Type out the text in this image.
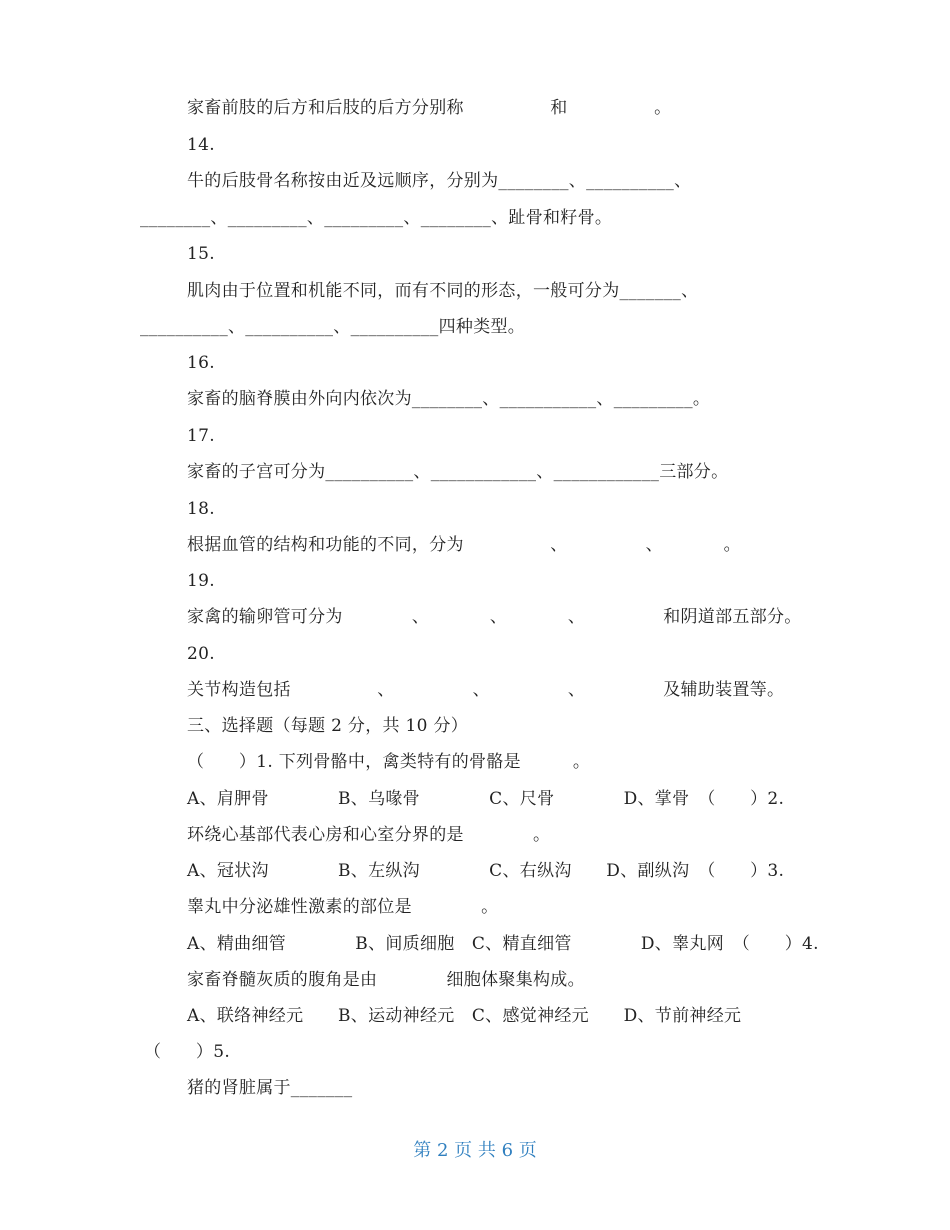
家畜前肢的后方和后肢的后方分别称　　　　　和　　　　　。
14.
牛的后肢骨名称按由近及远顺序，分别为________、__________、
________、_________、_________、________、趾骨和籽骨。
15.
肌肉由于位置和机能不同，而有不同的形态，一般可分为_______、
__________、__________、__________四种类型。
16.
家畜的脑脊膜由外向内依次为________、___________、_________。
17.
家畜的子宫可分为__________、____________、____________三部分。
18.
根据血管的结构和功能的不同，分为　　　　　、　　　　　、　　　　。
19.
家禽的输卵管可分为　　　　、　　　　、　　　　、　　　　　和阴道部五部分。
20.
关节构造包括　　　　　、　　　　　、　　　　　、　　　　　及辅助装置等。
三、选择题（每题 2 分，共 10 分）
（　　）1. 下列骨骼中，禽类特有的骨骼是　　　。
A、肩胛骨　　　　B、乌喙骨　　　　C、尺骨　　　　D、掌骨　（　　）2.
环绕心基部代表心房和心室分界的是　　　　。
A、冠状沟　　　　B、左纵沟　　　　C、右纵沟　　D、副纵沟　（　　）3.
睾丸中分泌雄性激素的部位是　　　　。
A、精曲细管　　　　B、间质细胞　C、精直细管　　　　D、睾丸网　（　　）4.
家畜脊髓灰质的腹角是由　　　　细胞体聚集构成。
A、联络神经元　　B、运动神经元　C、感觉神经元　　D、节前神经元
（　　）5.
猪的肾脏属于_______
第 2 页 共 6 页
